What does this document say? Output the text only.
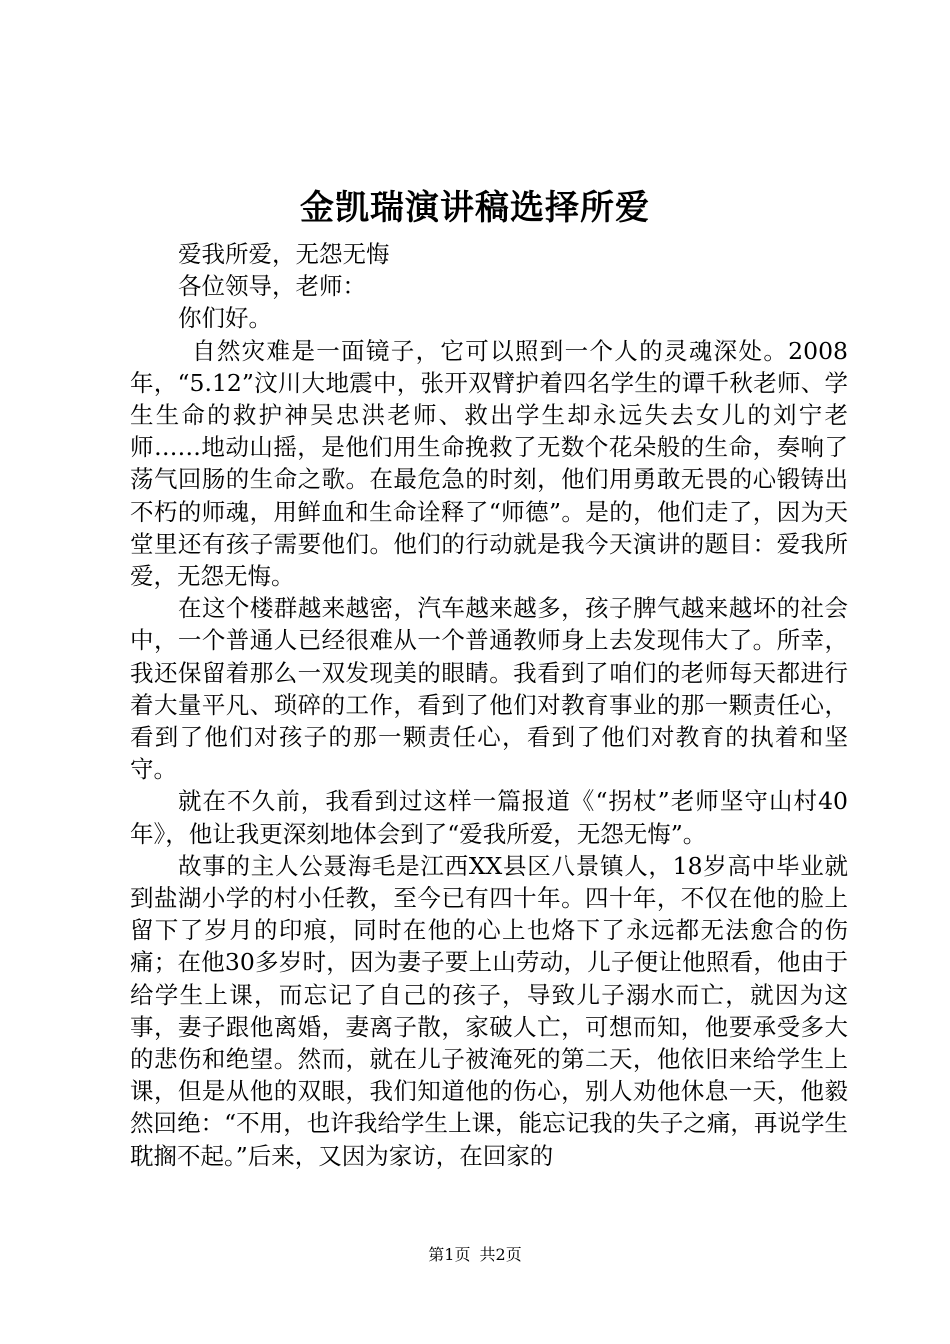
金凯瑞演讲稿选择所爱

爱我所爱，无怨无悔

各位领导，老师：

你们好。

自然灾难是一面镜子，它可以照到一个人的灵魂深处。2008年，“5.12”汶川大地震中，张开双臂护着四名学生的谭千秋老师、学生生命的救护神吴忠洪老师、救出学生却永远失去女儿的刘宁老师……地动山摇，是他们用生命挽救了无数个花朵般的生命，奏响了荡气回肠的生命之歌。在最危急的时刻，他们用勇敢无畏的心锻铸出不朽的师魂，用鲜血和生命诠释了“师德”。是的，他们走了，因为天堂里还有孩子需要他们。他们的行动就是我今天演讲的题目：爱我所爱，无怨无悔。

在这个楼群越来越密，汽车越来越多，孩子脾气越来越坏的社会中，一个普通人已经很难从一个普通教师身上去发现伟大了。所幸，我还保留着那么一双发现美的眼睛。我看到了咱们的老师每天都进行着大量平凡、琐碎的工作，看到了他们对教育事业的那一颗责任心，看到了他们对孩子的那一颗责任心，看到了他们对教育的执着和坚守。

就在不久前，我看到过这样一篇报道《“拐杖”老师坚守山村40年》，他让我更深刻地体会到了“爱我所爱，无怨无悔”。

故事的主人公聂海毛是江西XX县区八景镇人，18岁高中毕业就到盐湖小学的村小任教，至今已有四十年。四十年，不仅在他的脸上留下了岁月的印痕，同时在他的心上也烙下了永远都无法愈合的伤痛；在他30多岁时，因为妻子要上山劳动，儿子便让他照看，他由于给学生上课，而忘记了自己的孩子，导致儿子溺水而亡，就因为这事，妻子跟他离婚，妻离子散，家破人亡，可想而知，他要承受多大的悲伤和绝望。然而，就在儿子被淹死的第二天，他依旧来给学生上课，但是从他的双眼，我们知道他的伤心，别人劝他休息一天，他毅然回绝：“不用，也许我给学生上课，能忘记我的失子之痛，再说学生耽搁不起。”后来，又因为家访，在回家的

第1页 共2页
